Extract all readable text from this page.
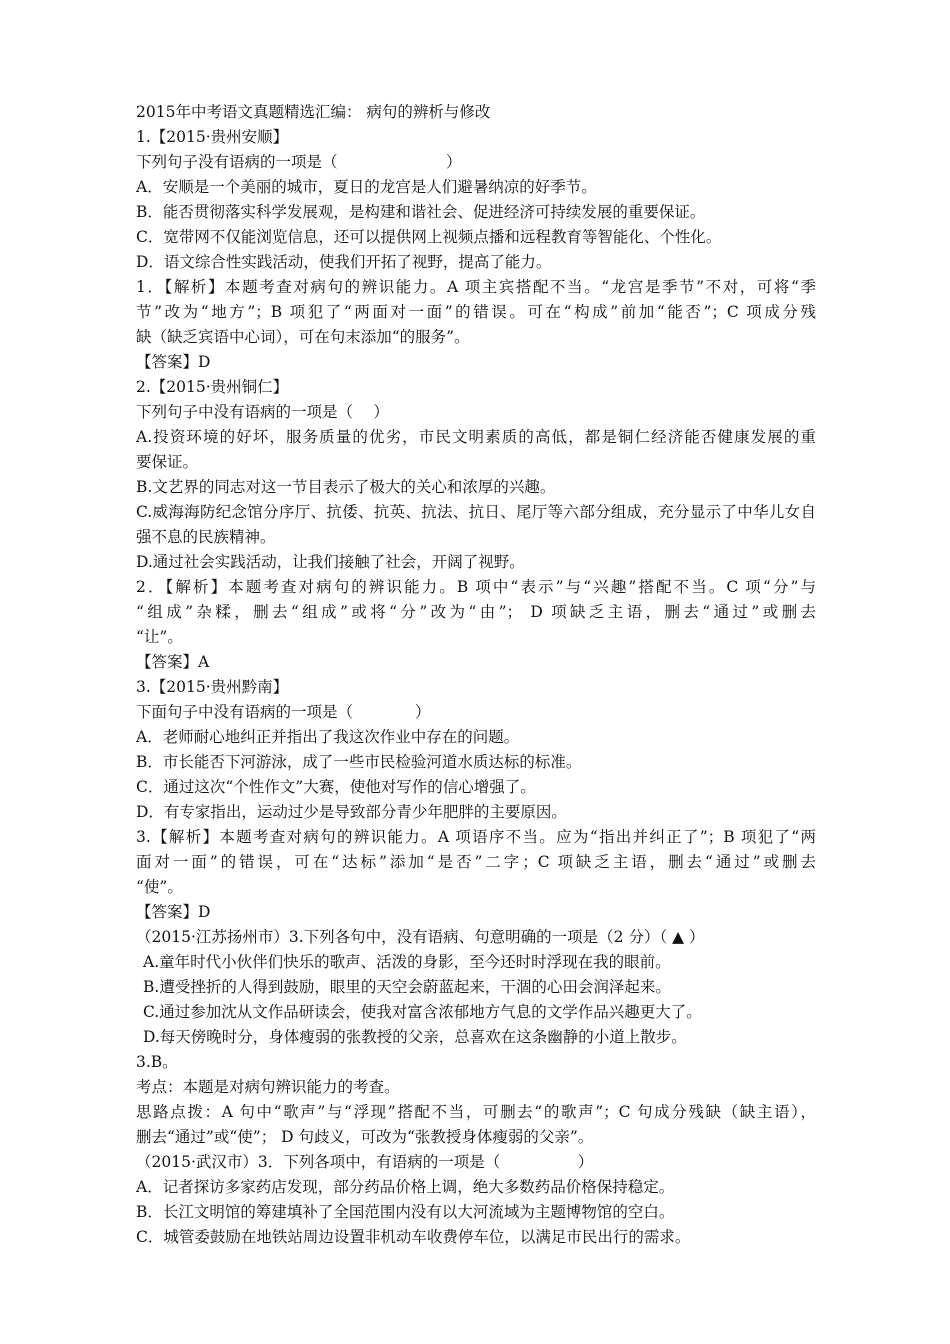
2015年中考语文真题精选汇编： 病句的辨析与修改
1.【2015·贵州安顺】
下列句子没有语病的一项是（　　　　　　　）
A．安顺是一个美丽的城市，夏日的龙宫是人们避暑纳凉的好季节。
B．能否贯彻落实科学发展观，是构建和谐社会、促进经济可持续发展的重要保证。
C．宽带网不仅能浏览信息，还可以提供网上视频点播和远程教育等智能化、个性化。
D．语文综合性实践活动，使我们开拓了视野，提高了能力。
1．【解析】本题考查对病句的辨识能力。A 项主宾搭配不当。“龙宫是季节”不对，可将“季
节”改为“地方”；B 项犯了“两面对一面”的错误。可在“构成”前加“能否”；C 项成分残
缺（缺乏宾语中心词），可在句末添加“的服务”。
【答案】D
2.【2015·贵州铜仁】
下列句子中没有语病的一项是（　 ）
A.投资环境的好坏，服务质量的优劣，市民文明素质的高低，都是铜仁经济能否健康发展的重
要保证。
B.文艺界的同志对这一节目表示了极大的关心和浓厚的兴趣。
C.威海海防纪念馆分序厅、抗倭、抗英、抗法、抗日、尾厅等六部分组成，充分显示了中华儿女自
强不息的民族精神。
D.通过社会实践活动，让我们接触了社会，开阔了视野。
2．【解析】本题考查对病句的辨识能力。B 项中“表示”与“兴趣”搭配不当。C 项“分”与
“组成”杂糅，删去“组成”或将“分”改为“由”； D 项缺乏主语，删去“通过”或删去
“让”。
【答案】A
3.【2015·贵州黔南】
下面句子中没有语病的一项是（　　　　）
A．老师耐心地纠正并指出了我这次作业中存在的问题。
B．市长能否下河游泳，成了一些市民检验河道水质达标的标准。
C．通过这次“个性作文”大赛，使他对写作的信心增强了。
D．有专家指出，运动过少是导致部分青少年肥胖的主要原因。
3.【解析】本题考查对病句的辨识能力。A 项语序不当。应为“指出并纠正了”；B 项犯了“两
面对一面”的错误，可在“达标”添加“是否”二字；C 项缺乏主语，删去“通过”或删去
“使”。
【答案】D
（2015·江苏扬州市）3.下列各句中，没有语病、句意明确的一项是（2 分）（ ▲ ）
A.童年时代小伙伴们快乐的歌声、活泼的身影，至今还时时浮现在我的眼前。
B.遭受挫折的人得到鼓励，眼里的天空会蔚蓝起来，干涸的心田会润泽起来。
C.通过参加沈从文作品研读会，使我对富含浓郁地方气息的文学作品兴趣更大了。
D.每天傍晚时分，身体瘦弱的张教授的父亲，总喜欢在这条幽静的小道上散步。
3.B。
考点：本题是对病句辨识能力的考查。
思路点拨：A 句中“歌声”与“浮现”搭配不当，可删去“的歌声”；C 句成分残缺（缺主语），
删去“通过”或“使”； D 句歧义，可改为“张教授身体瘦弱的父亲”。
（2015·武汉市）3．下列各项中，有语病的一项是（　　　　　）
A．记者探访多家药店发现，部分药品价格上调，绝大多数药品价格保持稳定。
B．长江文明馆的筹建填补了全国范围内没有以大河流域为主题博物馆的空白。
C．城管委鼓励在地铁站周边设置非机动车收费停车位，以满足市民出行的需求。
